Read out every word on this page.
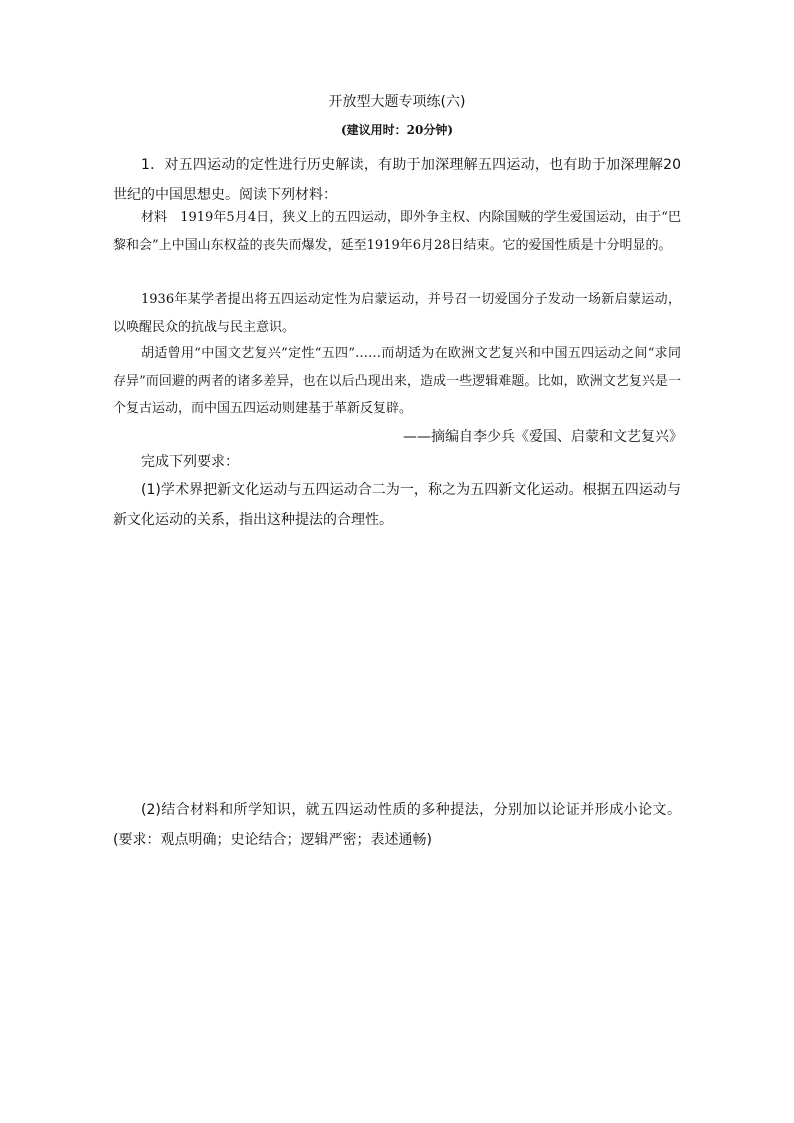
开放型大题专项练(六)
(建议用时：20分钟)

1．对五四运动的定性进行历史解读，有助于加深理解五四运动，也有助于加深理解20世纪的中国思想史。阅读下列材料：

材料　1919年5月4日，狭义上的五四运动，即外争主权、内除国贼的学生爱国运动，由于“巴黎和会”上中国山东权益的丧失而爆发，延至1919年6月28日结束。它的爱国性质是十分明显的。

1936年某学者提出将五四运动定性为启蒙运动，并号召一切爱国分子发动一场新启蒙运动，以唤醒民众的抗战与民主意识。

胡适曾用“中国文艺复兴”定性“五四”……而胡适为在欧洲文艺复兴和中国五四运动之间“求同存异”而回避的两者的诸多差异，也在以后凸现出来，造成一些逻辑难题。比如，欧洲文艺复兴是一个复古运动，而中国五四运动则建基于革新反复辟。

——摘编自李少兵《爱国、启蒙和文艺复兴》

完成下列要求：

(1)学术界把新文化运动与五四运动合二为一，称之为五四新文化运动。根据五四运动与新文化运动的关系，指出这种提法的合理性。

(2)结合材料和所学知识，就五四运动性质的多种提法，分别加以论证并形成小论文。(要求：观点明确；史论结合；逻辑严密；表述通畅)
